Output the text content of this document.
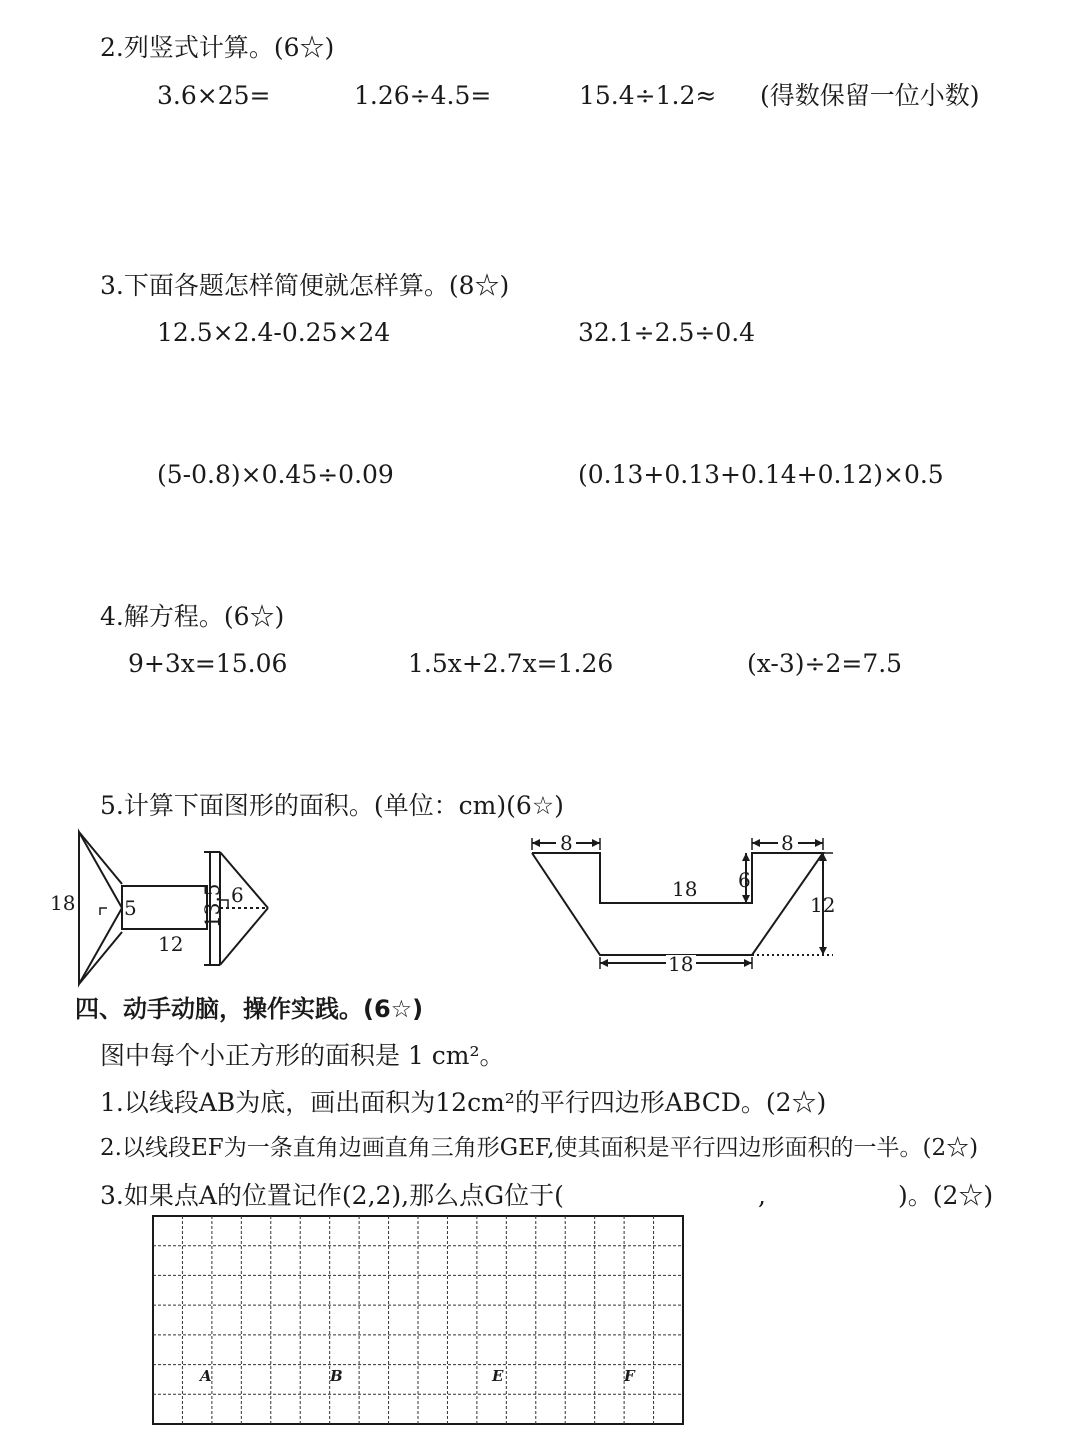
2.列竖式计算。(6☆)
3.6×25=	1.26÷4.5=	15.4÷1.2≈ (得数保留一位小数)
3.下面各题怎样简便就怎样算。(8☆)
12.5×2.4-0.25×24	32.1÷2.5÷0.4
(5-0.8)×0.45÷0.09	(0.13+0.13+0.14+0.12)×0.5
4.解方程。(6☆)
9+3x=15.06	1.5x+2.7x=1.26	(x-3)÷2=7.5
5.计算下面图形的面积。(单位：cm)(6☆)
18 5
12
13.5 6
8	8
18 6
12
18
四、动手动脑，操作实践。(6☆)
图中每个小正方形的面积是 1 cm²。
1.以线段AB为底，画出面积为12cm²的平行四边形ABCD。(2☆)
2.以线段EF为一条直角边画直角三角形GEF,使其面积是平行四边形面积的一半。(2☆)
3.如果点A的位置记作(2,2),那么点G位于(	,	)。(2☆)
A	B	E	F
